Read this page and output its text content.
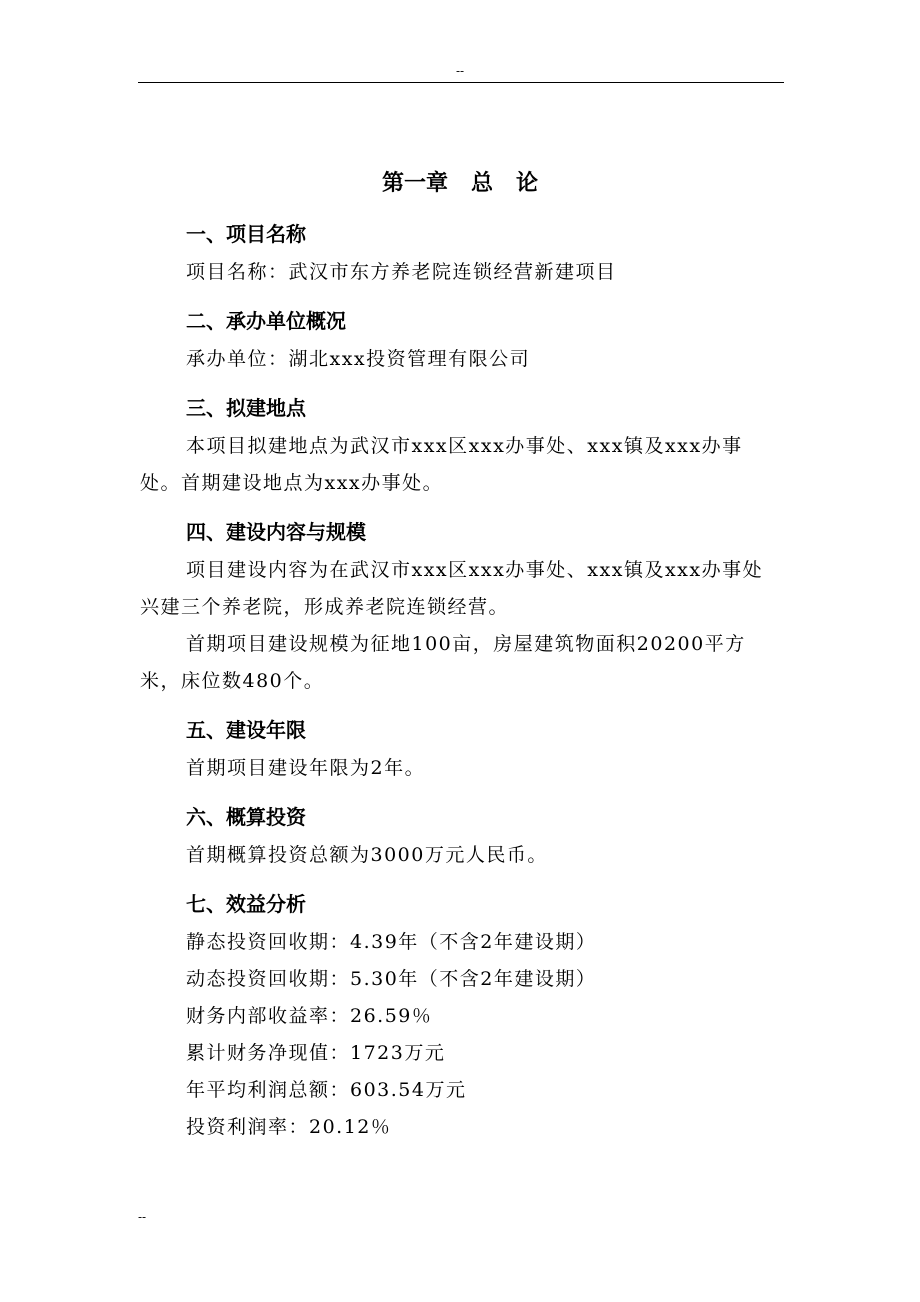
--
第一章   总   论
一、项目名称

项目名称：武汉市东方养老院连锁经营新建项目

二、承办单位概况

承办单位：湖北xxx投资管理有限公司

三、拟建地点

本项目拟建地点为武汉市xxx区xxx办事处、xxx镇及xxx办事处。首期建设地点为xxx办事处。

四、建设内容与规模

项目建设内容为在武汉市xxx区xxx办事处、xxx镇及xxx办事处兴建三个养老院，形成养老院连锁经营。

首期项目建设规模为征地100亩，房屋建筑物面积20200平方米，床位数480个。

五、建设年限

首期项目建设年限为2年。

六、概算投资

首期概算投资总额为3000万元人民币。

七、效益分析

静态投资回收期：4.39年（不含2年建设期）

动态投资回收期：5.30年（不含2年建设期）

财务内部收益率：26.59％

累计财务净现值：1723万元

年平均利润总额：603.54万元

投资利润率：20.12％

--
